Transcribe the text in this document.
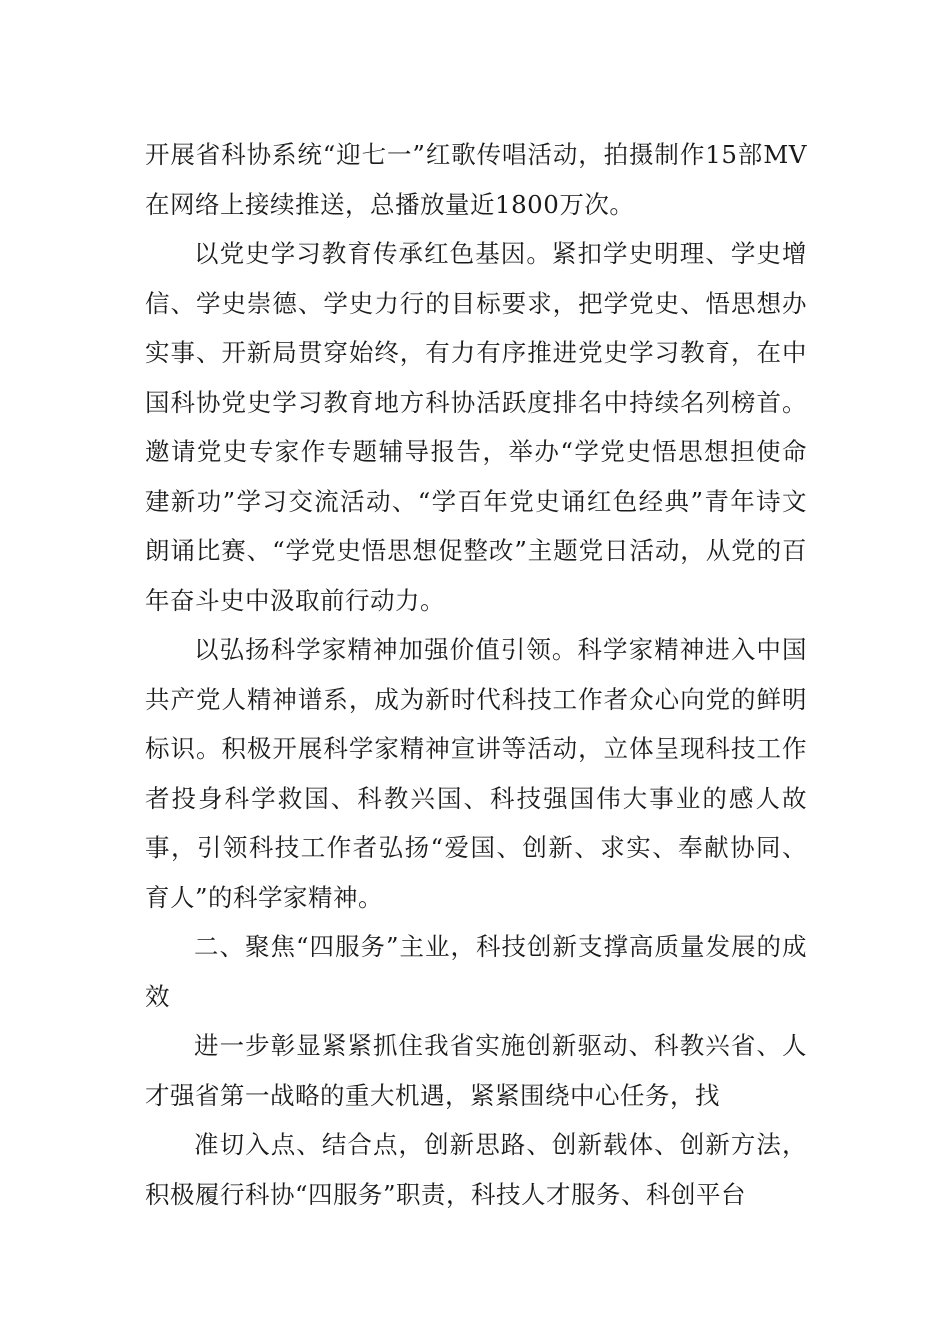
开展省科协系统“迎七一”红歌传唱活动，拍摄制作15部MV在网络上接续推送，总播放量近1800万次。

以党史学习教育传承红色基因。紧扣学史明理、学史增信、学史崇德、学史力行的目标要求，把学党史、悟思想办实事、开新局贯穿始终，有力有序推进党史学习教育，在中国科协党史学习教育地方科协活跃度排名中持续名列榜首。邀请党史专家作专题辅导报告，举办“学党史悟思想担使命建新功”学习交流活动、“学百年党史诵红色经典”青年诗文朗诵比赛、“学党史悟思想促整改”主题党日活动，从党的百年奋斗史中汲取前行动力。

以弘扬科学家精神加强价值引领。科学家精神进入中国共产党人精神谱系，成为新时代科技工作者众心向党的鲜明标识。积极开展科学家精神宣讲等活动，立体呈现科技工作者投身科学救国、科教兴国、科技强国伟大事业的感人故事，引领科技工作者弘扬“爱国、创新、求实、奉献协同、育人”的科学家精神。

二、聚焦“四服务”主业，科技创新支撑高质量发展的成效

进一步彰显紧紧抓住我省实施创新驱动、科教兴省、人才强省第一战略的重大机遇，紧紧围绕中心任务，找

准切入点、结合点，创新思路、创新载体、创新方法，积极履行科协“四服务”职责，科技人才服务、科创平台
